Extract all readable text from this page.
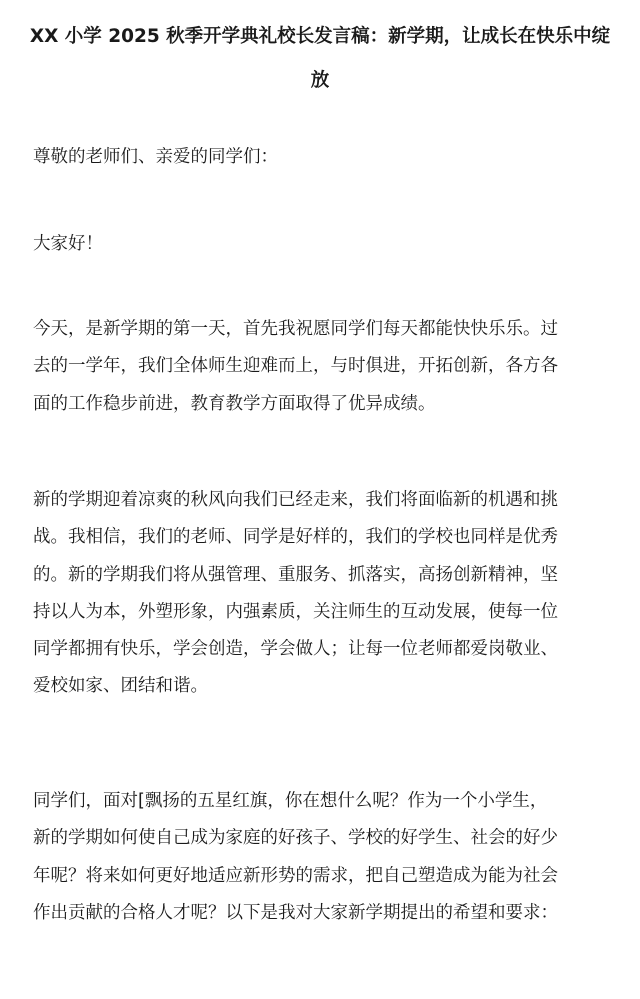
XX 小学 2025 秋季开学典礼校长发言稿：新学期，让成长在快乐中绽
放

尊敬的老师们、亲爱的同学们：

大家好！

今天，是新学期的第一天，首先我祝愿同学们每天都能快快乐乐。过
去的一学年，我们全体师生迎难而上，与时俱进，开拓创新，各方各
面的工作稳步前进，教育教学方面取得了优异成绩。

新的学期迎着凉爽的秋风向我们已经走来，我们将面临新的机遇和挑
战。我相信，我们的老师、同学是好样的，我们的学校也同样是优秀
的。新的学期我们将从强管理、重服务、抓落实，高扬创新精神，坚
持以人为本，外塑形象，内强素质，关注师生的互动发展，使每一位
同学都拥有快乐，学会创造，学会做人；让每一位老师都爱岗敬业、
爱校如家、团结和谐。

同学们，面对[飘扬的五星红旗，你在想什么呢？作为一个小学生，
新的学期如何使自己成为家庭的好孩子、学校的好学生、社会的好少
年呢？将来如何更好地适应新形势的需求，把自己塑造成为能为社会
作出贡献的合格人才呢？以下是我对大家新学期提出的希望和要求：
